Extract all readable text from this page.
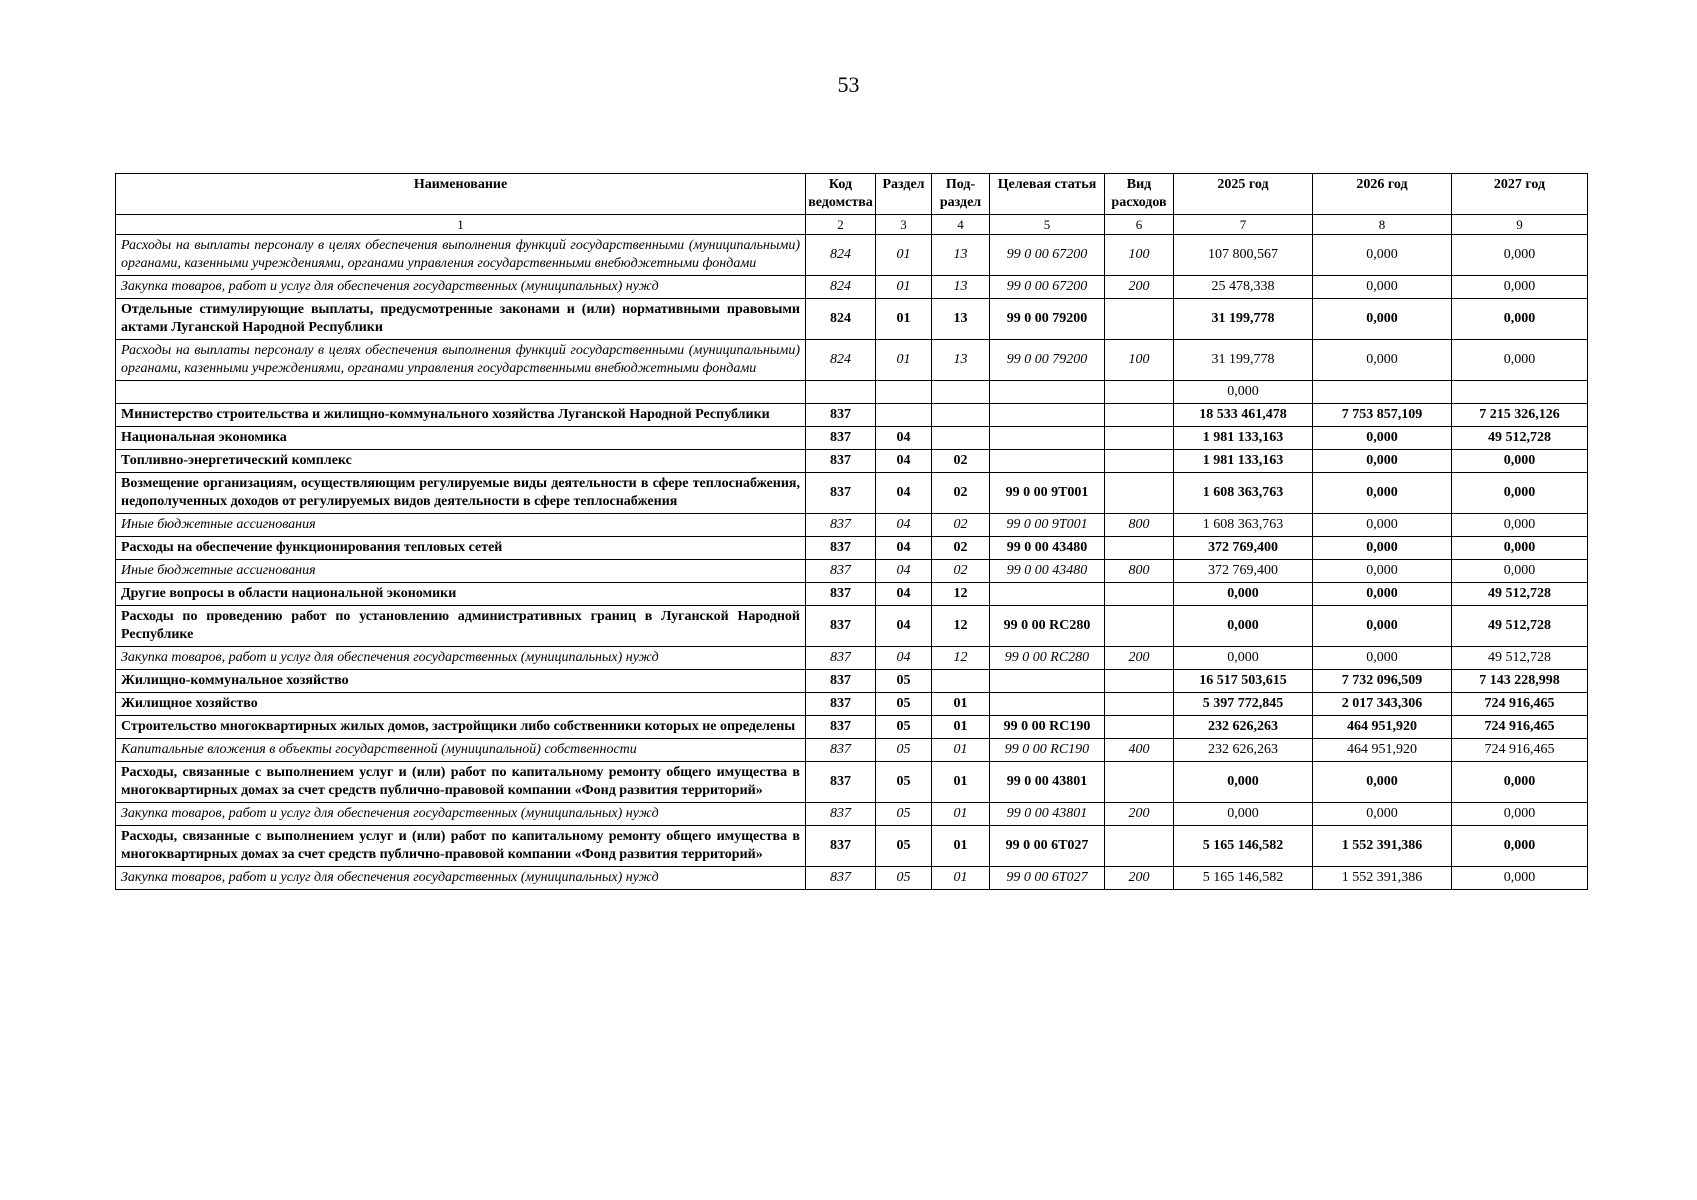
53
Наименование	Код ведомства	Раздел	Под-раздел	Целевая статья	Вид расходов	2025 год	2026 год	2027 год
1	2	3	4	5	6	7	8	9
Расходы на выплаты персоналу в целях обеспечения выполнения функций государственными (муниципальными) органами, казенными учреждениями, органами управления государственными внебюджетными фондами	824	01	13	99 0 00 67200	100	107 800,567	0,000	0,000
Закупка товаров, работ и услуг для обеспечения государственных (муниципальных) нужд	824	01	13	99 0 00 67200	200	25 478,338	0,000	0,000
Отдельные стимулирующие выплаты, предусмотренные законами и (или) нормативными правовыми актами Луганской Народной Республики	824	01	13	99 0 00 79200		31 199,778	0,000	0,000
Расходы на выплаты персоналу в целях обеспечения выполнения функций государственными (муниципальными) органами, казенными учреждениями, органами управления государственными внебюджетными фондами	824	01	13	99 0 00 79200	100	31 199,778	0,000	0,000
						0,000		
Министерство строительства и жилищно-коммунального хозяйства Луганской Народной Республики	837					18 533 461,478	7 753 857,109	7 215 326,126
Национальная экономика	837	04				1 981 133,163	0,000	49 512,728
Топливно-энергетический комплекс	837	04	02			1 981 133,163	0,000	0,000
Возмещение организациям, осуществляющим регулируемые виды деятельности в сфере теплоснабжения, недополученных доходов от регулируемых видов деятельности в сфере теплоснабжения	837	04	02	99 0 00 9Т001		1 608 363,763	0,000	0,000
Иные бюджетные ассигнования	837	04	02	99 0 00 9Т001	800	1 608 363,763	0,000	0,000
Расходы на обеспечение функционирования тепловых сетей	837	04	02	99 0 00 43480		372 769,400	0,000	0,000
Иные бюджетные ассигнования	837	04	02	99 0 00 43480	800	372 769,400	0,000	0,000
Другие вопросы в области национальной экономики	837	04	12			0,000	0,000	49 512,728
Расходы по проведению работ по установлению административных границ в Луганской Народной Республике	837	04	12	99 0 00 RC280		0,000	0,000	49 512,728
Закупка товаров, работ и услуг для обеспечения государственных (муниципальных) нужд	837	04	12	99 0 00 RC280	200	0,000	0,000	49 512,728
Жилищно-коммунальное хозяйство	837	05				16 517 503,615	7 732 096,509	7 143 228,998
Жилищное хозяйство	837	05	01			5 397 772,845	2 017 343,306	724 916,465
Строительство многоквартирных жилых домов, застройщики либо собственники которых не определены	837	05	01	99 0 00 RC190		232 626,263	464 951,920	724 916,465
Капитальные вложения в объекты государственной (муниципальной) собственности	837	05	01	99 0 00 RC190	400	232 626,263	464 951,920	724 916,465
Расходы, связанные с выполнением услуг и (или) работ по капитальному ремонту общего имущества в многоквартирных домах за счет средств публично-правовой компании «Фонд развития территорий»	837	05	01	99 0 00 43801		0,000	0,000	0,000
Закупка товаров, работ и услуг для обеспечения государственных (муниципальных) нужд	837	05	01	99 0 00 43801	200	0,000	0,000	0,000
Расходы, связанные с выполнением услуг и (или) работ по капитальному ремонту общего имущества в многоквартирных домах за счет средств публично-правовой компании «Фонд развития территорий»	837	05	01	99 0 00 6Т027		5 165 146,582	1 552 391,386	0,000
Закупка товаров, работ и услуг для обеспечения государственных (муниципальных) нужд	837	05	01	99 0 00 6Т027	200	5 165 146,582	1 552 391,386	0,000
